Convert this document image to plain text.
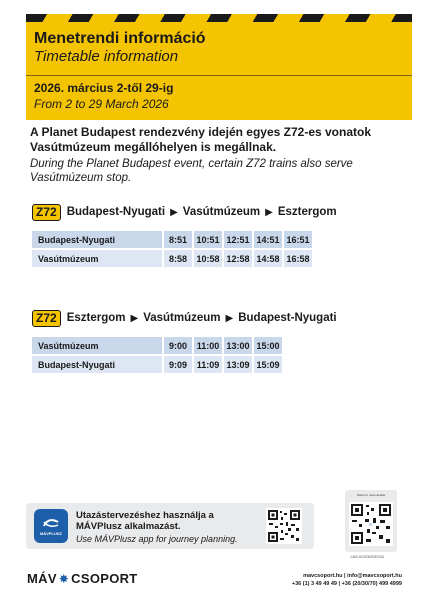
Menetrendi információ
Timetable information
2026. március 2-től 29-ig
From 2 to 29 March 2026
A Planet Budapest rendezvény idején egyes Z72-es vonatok Vasútmúzeum megállóhelyen is megállnak.
During the Planet Budapest event, certain Z72 trains also serve Vasútmúzeum stop.
Z72 Budapest-Nyugati ▶ Vasútmúzeum ▶ Esztergom
Budapest-Nyugati	8:51	10:51 12:51 14:51 16:51
Vasútmúzeum	8:58	10:58 12:58 14:58 16:58
Z72 Esztergom ▶ Vasútmúzeum ▶ Budapest-Nyugati
Vasútmúzeum	9:00	11:00 13:00 15:00
Budapest-Nyugati	9:09	11:09 13:09 15:09
MÁVPLUSZ
Utazástervezéshez használja a
MÁVPlusz alkalmazást.
Use MÁVPlusz app for journey planning.
Scan for more details
1462-5/2026/SZESZA
MÁV ✸ CSOPORT	mavcsoport.hu | info@mavcsoport.hu
+36 (1) 3 49 49 49 | +36 (20/30/70) 499 4999
